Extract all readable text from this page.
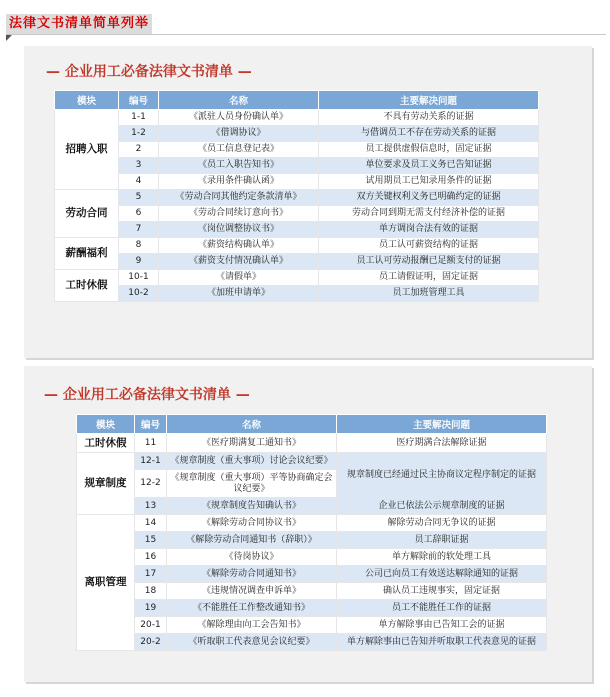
法律文书清单简单列举
— 企业用工必备法律文书清单 —
模块	编号	名称	主要解决问题
招聘入职	1-1	《派驻人员身份确认单》	不具有劳动关系的证据
	1-2	《借调协议》	与借调员工不存在劳动关系的证据
	2	《员工信息登记表》	员工提供虚假信息时，固定证据
	3	《员工入职告知书》	单位要求及员工义务已告知证据
	4	《录用条件确认函》	试用期员工已知录用条件的证据
劳动合同	5	《劳动合同其他约定条款清单》	双方关键权利义务已明确约定的证据
	6	《劳动合同续订意向书》	劳动合同到期无需支付经济补偿的证据
	7	《岗位调整协议书》	单方调岗合法有效的证据
薪酬福利	8	《薪资结构确认单》	员工认可薪资结构的证据
	9	《薪资支付情况确认单》	员工认可劳动报酬已足额支付的证据
工时休假	10-1	《请假单》	员工请假证明，固定证据
	10-2	《加班申请单》	员工加班管理工具
— 企业用工必备法律文书清单 —
模块	编号	名称	主要解决问题
工时休假	11	《医疗期满复工通知书》	医疗期满合法解除证据
规章制度	12-1	《规章制度（重大事项）讨论会议纪要》	规章制度已经通过民主协商议定程序制定的证据
	12-2	《规章制度（重大事项）平等协商确定会议纪要》	
	13	《规章制度告知确认书》	企业已依法公示规章制度的证据
离职管理	14	《解除劳动合同协议书》	解除劳动合同无争议的证据
	15	《解除劳动合同通知书（辞职）》	员工辞职证据
	16	《待岗协议》	单方解除前的软处理工具
	17	《解除劳动合同通知书》	公司已向员工有效送达解除通知的证据
	18	《违规情况调查申诉单》	确认员工违规事实，固定证据
	19	《不能胜任工作整改通知书》	员工不能胜任工作的证据
	20-1	《解除理由向工会告知书》	单方解除事由已告知工会的证据
	20-2	《听取职工代表意见会议纪要》	单方解除事由已告知并听取职工代表意见的证据
